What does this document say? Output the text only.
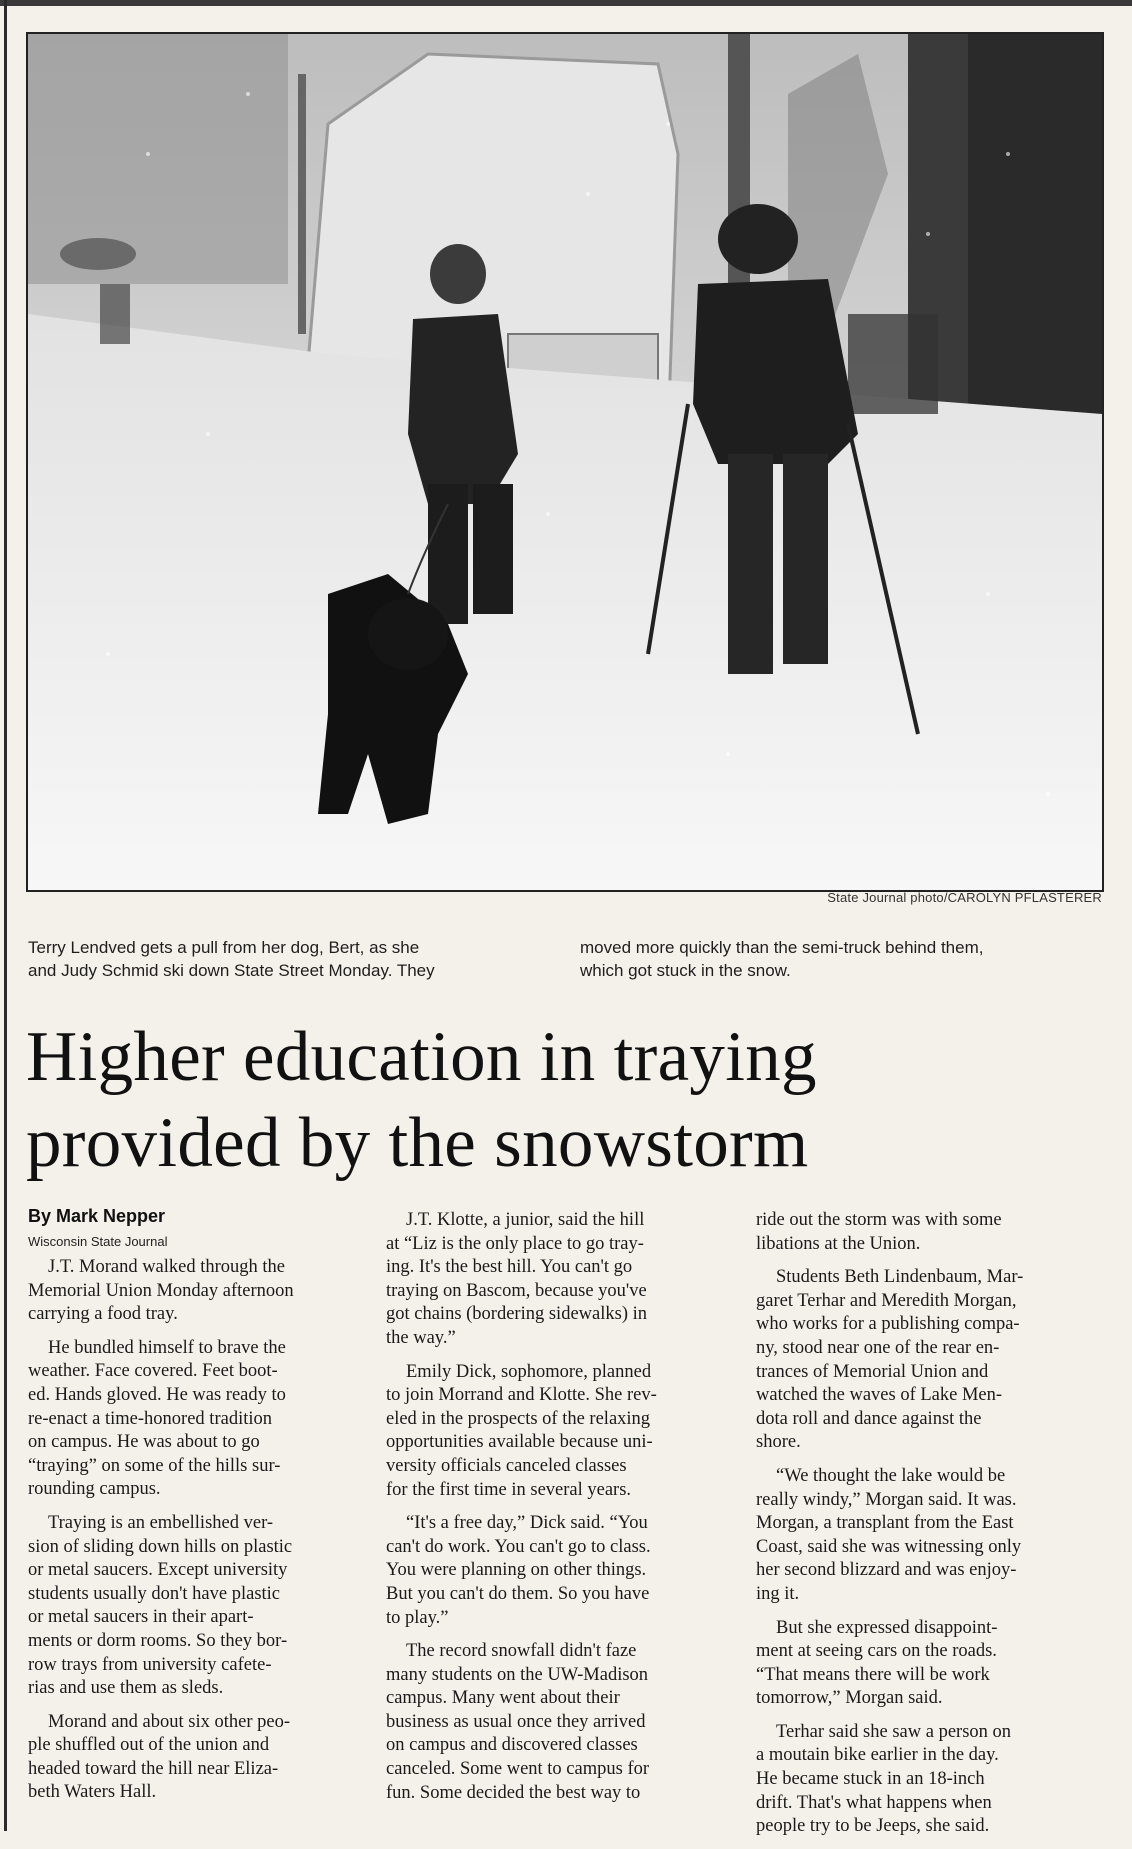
State Journal photo/CAROLYN PFLASTERER
Terry Lendved gets a pull from her dog, Bert, as she
and Judy Schmid ski down State Street Monday. They
moved more quickly than the semi-truck behind them,
which got stuck in the snow.
Higher education in traying
provided by the snowstorm
By Mark Nepper
Wisconsin State Journal

J.T. Morand walked through the
Memorial Union Monday afternoon
carrying a food tray.

He bundled himself to brave the
weather. Face covered. Feet boot-
ed. Hands gloved. He was ready to
re-enact a time-honored tradition
on campus. He was about to go
“traying” on some of the hills sur-
rounding campus.

Traying is an embellished ver-
sion of sliding down hills on plastic
or metal saucers. Except university
students usually don't have plastic
or metal saucers in their apart-
ments or dorm rooms. So they bor-
row trays from university cafete-
rias and use them as sleds.

Morand and about six other peo-
ple shuffled out of the union and
headed toward the hill near Eliza-
beth Waters Hall.

J.T. Klotte, a junior, said the hill
at “Liz is the only place to go tray-
ing. It's the best hill. You can't go
traying on Bascom, because you've
got chains (bordering sidewalks) in
the way.”

Emily Dick, sophomore, planned
to join Morrand and Klotte. She rev-
eled in the prospects of the relaxing
opportunities available because uni-
versity officials canceled classes
for the first time in several years.

“It's a free day,” Dick said. “You
can't do work. You can't go to class.
You were planning on other things.
But you can't do them. So you have
to play.”

The record snowfall didn't faze
many students on the UW-Madison
campus. Many went about their
business as usual once they arrived
on campus and discovered classes
canceled. Some went to campus for
fun. Some decided the best way to

ride out the storm was with some
libations at the Union.

Students Beth Lindenbaum, Mar-
garet Terhar and Meredith Morgan,
who works for a publishing compa-
ny, stood near one of the rear en-
trances of Memorial Union and
watched the waves of Lake Men-
dota roll and dance against the
shore.

“We thought the lake would be
really windy,” Morgan said. It was.
Morgan, a transplant from the East
Coast, said she was witnessing only
her second blizzard and was enjoy-
ing it.

But she expressed disappoint-
ment at seeing cars on the roads.
“That means there will be work
tomorrow,” Morgan said.

Terhar said she saw a person on
a moutain bike earlier in the day.
He became stuck in an 18-inch
drift. That's what happens when
people try to be Jeeps, she said.
